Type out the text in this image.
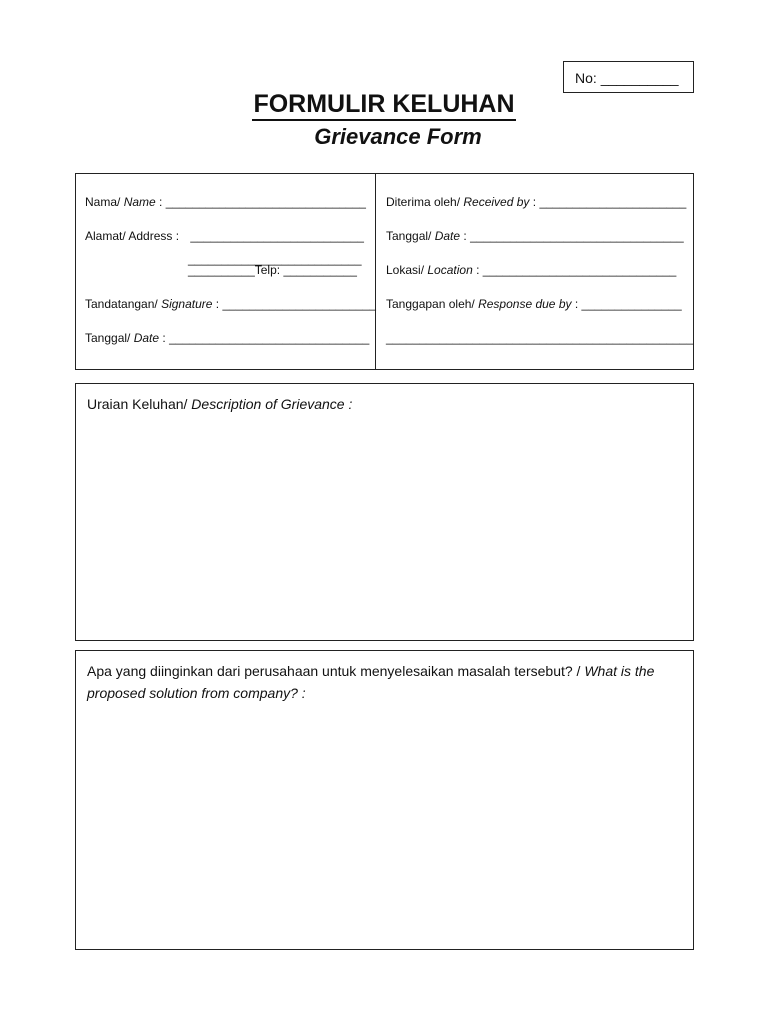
No: __________
FORMULIR KELUHAN
Grievance Form
Nama/ Name : ______________________________
Alamat/ Address : __________________________
__________________________
__________Telp: ___________
Tandatangan/ Signature : _______________________
Tanggal/ Date : ______________________________
Diterima oleh/ Received by : ______________________
Tanggal/ Date : ________________________________
Lokasi/ Location : _____________________________
Tanggapan oleh/ Response due by : _______________
______________________________________________
Uraian Keluhan/ Description of Grievance :
Apa yang diinginkan dari perusahaan untuk menyelesaikan masalah tersebut? / What is the proposed solution from company? :
